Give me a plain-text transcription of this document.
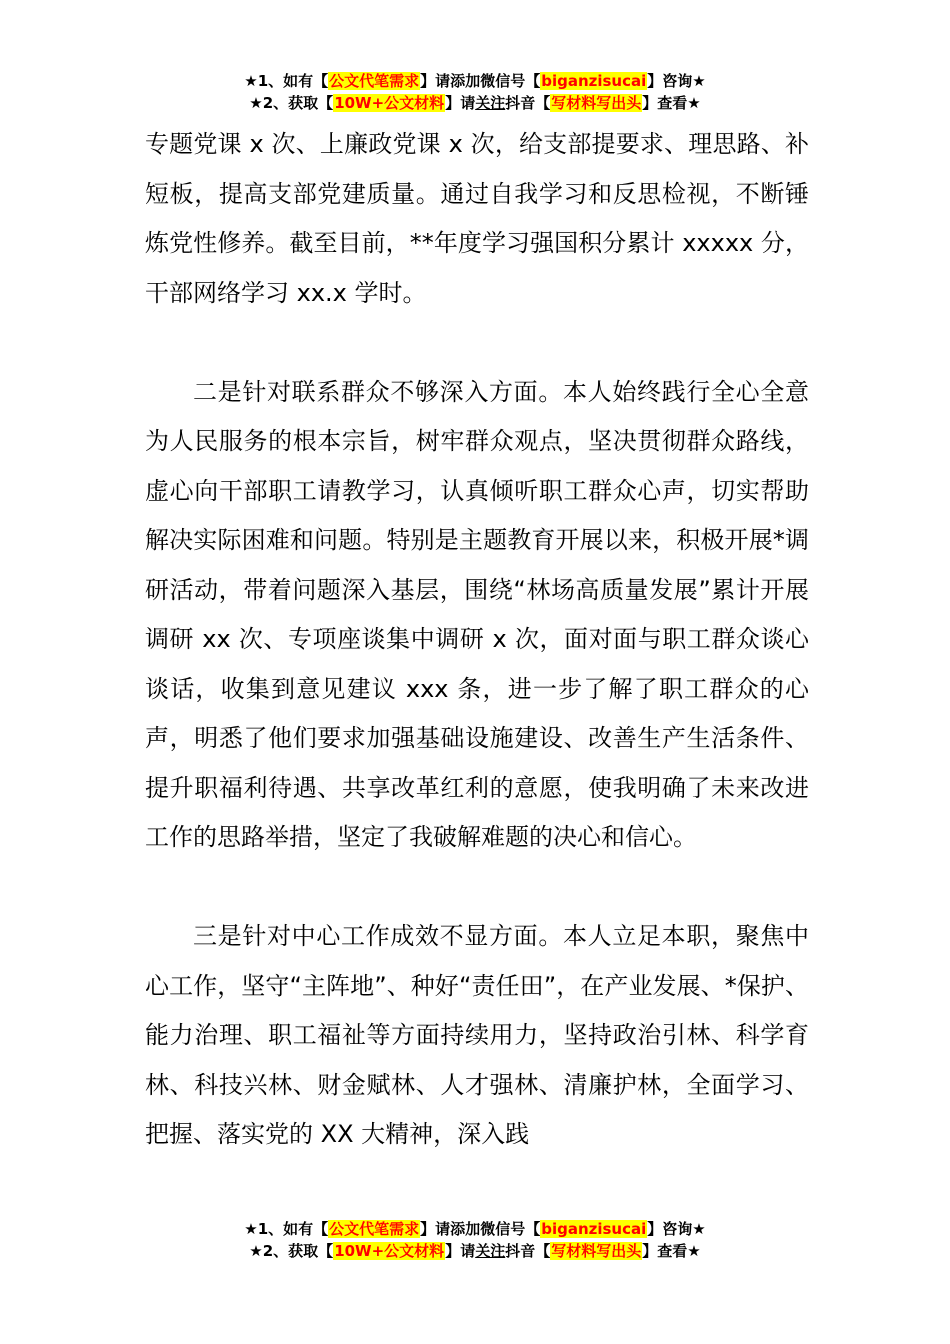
★1、如有【公文代笔需求】请添加微信号【biganzisucai】咨询★
★2、获取【10W+公文材料】请关注抖音【写材料写出头】查看★

专题党课 x 次、上廉政党课 x 次，给支部提要求、理思路、补短板，提高支部党建质量。通过自我学习和反思检视，不断锤炼党性修养。截至目前，**年度学习强国积分累计 xxxxx 分，干部网络学习 xx.x 学时。

二是针对联系群众不够深入方面。本人始终践行全心全意为人民服务的根本宗旨，树牢群众观点，坚决贯彻群众路线，虚心向干部职工请教学习，认真倾听职工群众心声，切实帮助解决实际困难和问题。特别是主题教育开展以来，积极开展*调研活动，带着问题深入基层，围绕“林场高质量发展”累计开展调研 xx 次、专项座谈集中调研 x 次，面对面与职工群众谈心谈话，收集到意见建议 xxx 条，进一步了解了职工群众的心声，明悉了他们要求加强基础设施建设、改善生产生活条件、提升职福利待遇、共享改革红利的意愿，使我明确了未来改进工作的思路举措，坚定了我破解难题的决心和信心。

三是针对中心工作成效不显方面。本人立足本职，聚焦中心工作，坚守“主阵地”、种好“责任田”，在产业发展、*保护、能力治理、职工福祉等方面持续用力，坚持政治引林、科学育林、科技兴林、财金赋林、人才强林、清廉护林，全面学习、把握、落实党的 XX 大精神，深入践

★1、如有【公文代笔需求】请添加微信号【biganzisucai】咨询★
★2、获取【10W+公文材料】请关注抖音【写材料写出头】查看★
